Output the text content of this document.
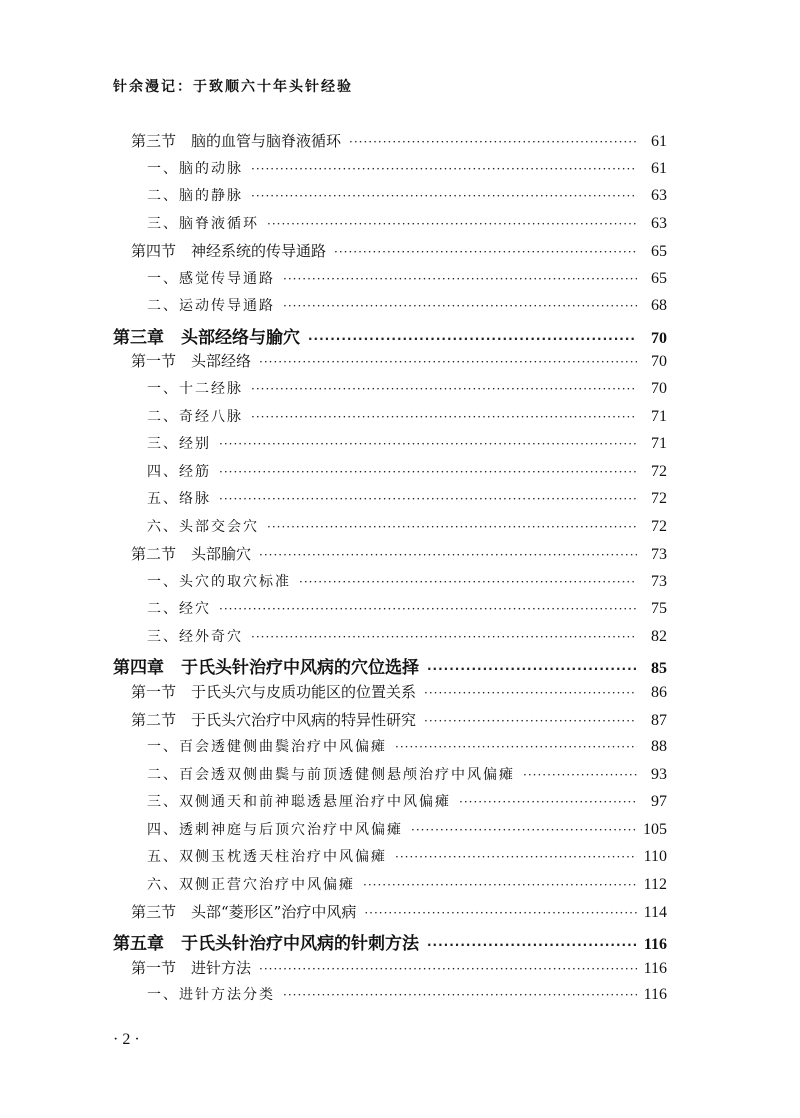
针余漫记：于致顺六十年头针经验
第三节　脑的血管与脑脊液循环 ·····	61
一、脑的动脉 ·····	61
二、脑的静脉 ·····	63
三、脑脊液循环 ·····	63
第四节　神经系统的传导通路 ·····	65
一、感觉传导通路 ·····	65
二、运动传导通路 ·····	68
第三章　头部经络与腧穴 ·····	70
第一节　头部经络 ·····	70
一、十二经脉 ·····	70
二、奇经八脉 ·····	71
三、经别 ·····	71
四、经筋 ·····	72
五、络脉 ·····	72
六、头部交会穴 ·····	72
第二节　头部腧穴 ·····	73
一、头穴的取穴标准 ·····	73
二、经穴 ·····	75
三、经外奇穴 ·····	82
第四章　于氏头针治疗中风病的穴位选择 ·····	85
第一节　于氏头穴与皮质功能区的位置关系 ·····	86
第二节　于氏头穴治疗中风病的特异性研究 ·····	87
一、百会透健侧曲鬓治疗中风偏瘫 ·····	88
二、百会透双侧曲鬓与前顶透健侧悬颅治疗中风偏瘫 ·····	93
三、双侧通天和前神聪透悬厘治疗中风偏瘫 ·····	97
四、透刺神庭与后顶穴治疗中风偏瘫 ·····	105
五、双侧玉枕透天柱治疗中风偏瘫 ·····	110
六、双侧正营穴治疗中风偏瘫 ·····	112
第三节　头部“菱形区”治疗中风病 ·····	114
第五章　于氏头针治疗中风病的针刺方法 ·····	116
第一节　进针方法 ·····	116
一、进针方法分类 ·····	116
· 2 ·
